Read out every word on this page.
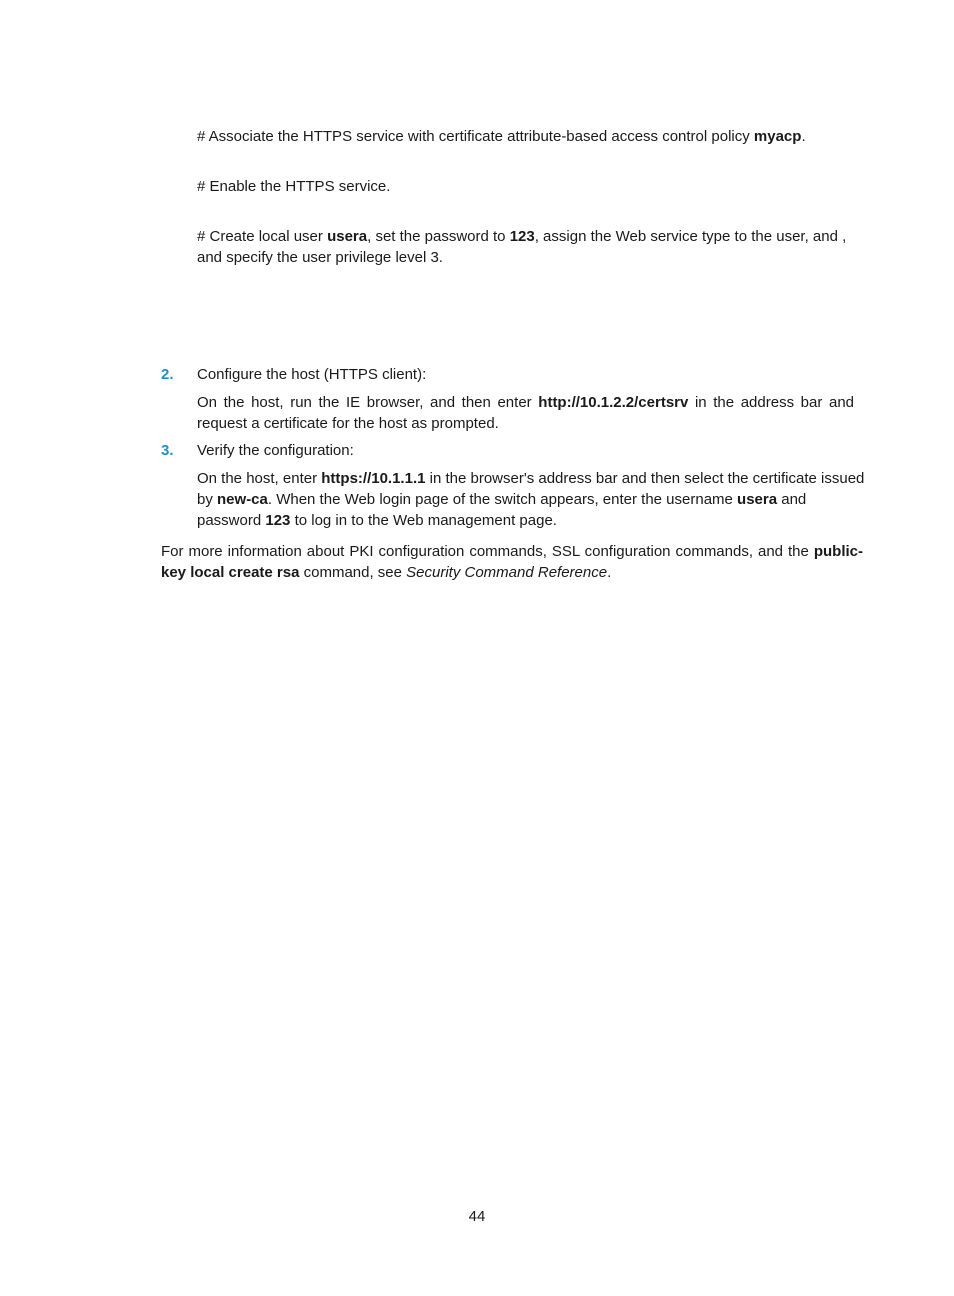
# Associate the HTTPS service with certificate attribute-based access control policy myacp.
# Enable the HTTPS service.
# Create local user usera, set the password to 123, assign the Web service type to the user, and , and specify the user privilege level 3.
2. Configure the host (HTTPS client):
On the host, run the IE browser, and then enter http://10.1.2.2/certsrv in the address bar and request a certificate for the host as prompted.
3. Verify the configuration:
On the host, enter https://10.1.1.1 in the browser's address bar and then select the certificate issued by new-ca. When the Web login page of the switch appears, enter the username usera and password 123 to log in to the Web management page.
For more information about PKI configuration commands, SSL configuration commands, and the public-key local create rsa command, see Security Command Reference.
44
